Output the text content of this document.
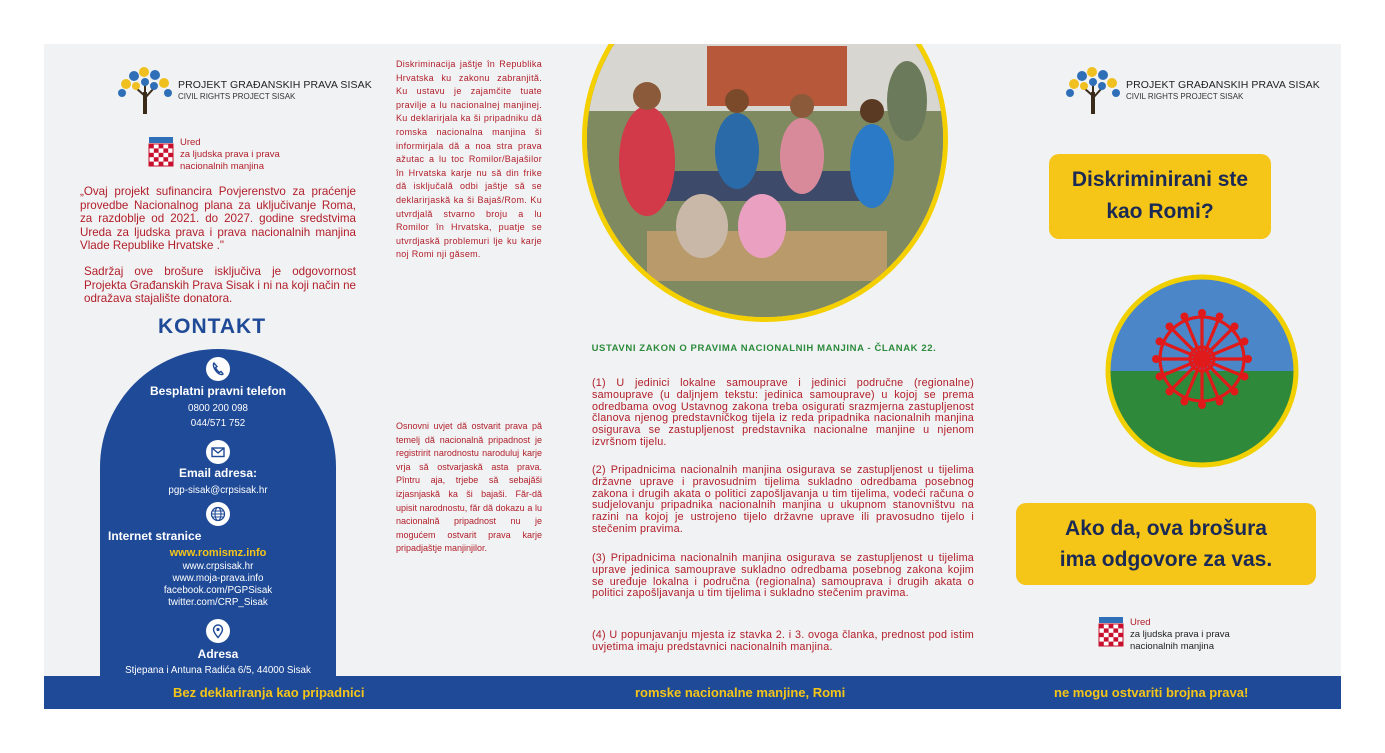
PROJEKT GRAĐANSKIH PRAVA SISAK
CIVIL RIGHTS PROJECT SISAK
Ured
za ljudska prava i prava
nacionalnih manjina
„Ovaj projekt sufinancira Povjerenstvo za praćenje provedbe Nacionalnog plana za uključivanje Roma, za razdoblje od 2021. do 2027. godine sredstvima Ureda za ljudska prava i prava nacionalnih manjina Vlade Republike Hrvatske ."
Sadržaj ove brošure isključiva je odgovornost Projekta Građanskih Prava Sisak i ni na koji način ne odražava stajalište donatora.
KONTAKT
Besplatni pravni telefon
0800 200 098
044/571 752
Email adresa:
pgp-sisak@crpsisak.hr
Internet stranice
www.romismz.info
www.crpsisak.hr
www.moja-prava.info
facebook.com/PGPSisak
twitter.com/CRP_Sisak
Adresa
Stjepana i Antuna Radića 6/5, 44000 Sisak
Diskriminacija jaštje în Republika Hrvatska ku zakonu zabranjită. Ku ustavu je zajamčite tuate pravilje a lu nacionalnej manjinej. Ku deklarirjala ka ši pripadniku dă romska nacionalna manjina ši informirjala dă a noa stra prava ažutac a lu toc Romilor/Bajašilor în Hrvatska karje nu să din frike dă isključală odbi jaštje să se deklarirjaskă ka ši Bajaš/Rom. Ku utvrdjală stvarno broju a lu Romilor în Hrvatska, puatje se utvrdjaskă problemuri lje ku karje noj Romi nji găsem.
Osnovni uvjet dă ostvarit prava pă temelj dă nacionalnă pripadnost je registririt narodnostu naroduluj karje vrja să ostvarjaskă asta prava. Pîntru aja, trjebe să sebajăši izjasnjaskă ka ši bajaši. Făr-dă upisit narodnostu, făr dă dokazu a lu nacionalnă pripadnost nu je mogućem ostvarit prava karje pripadjaštje manjinjilor.
USTAVNI ZAKON O PRAVIMA NACIONALNIH MANJINA - ČLANAK 22.
(1) U jedinici lokalne samouprave i jedinici područne (regionalne) samouprave (u daljnjem tekstu: jedinica samouprave) u kojoj se prema odredbama ovog Ustavnog zakona treba osigurati srazmjerna zastupljenost članova njenog predstavničkog tijela iz reda pripadnika nacionalnih manjina osigurava se zastupljenost predstavnika nacionalne manjine u njenom izvršnom tijelu.
(2) Pripadnicima nacionalnih manjina osigurava se zastupljenost u tijelima državne uprave i pravosudnim tijelima sukladno odredbama posebnog zakona i drugih akata o politici zapošljavanja u tim tijelima, vodeći računa o sudjelovanju pripadnika nacionalnih manjina u ukupnom stanovništvu na razini na kojoj je ustrojeno tijelo državne uprave ili pravosudno tijelo i stečenim pravima.
(3) Pripadnicima nacionalnih manjina osigurava se zastupljenost u tijelima uprave jedinica samouprave sukladno odredbama posebnog zakona kojim se uređuje lokalna i područna (regionalna) samouprava i drugih akata o politici zapošljavanja u tim tijelima i sukladno stečenim pravima.
(4) U popunjavanju mjesta iz stavka 2. i 3. ovoga članka, prednost pod istim uvjetima imaju predstavnici nacionalnih manjina.
PROJEKT GRAĐANSKIH PRAVA SISAK
CIVIL RIGHTS PROJECT SISAK
Diskriminirani ste
kao Romi?
Ako da, ova brošura
ima odgovore za vas.
Ured
za ljudska prava i prava
nacionalnih manjina
Bez deklariranja kao pripadnici	romske nacionalne manjine, Romi	ne mogu ostvariti brojna prava!
